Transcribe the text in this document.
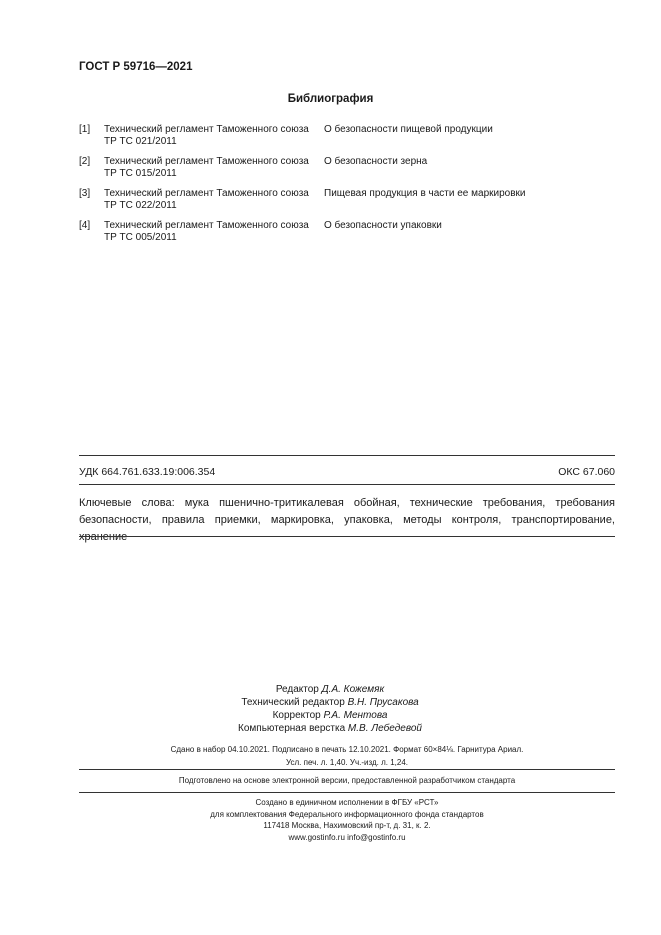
ГОСТ Р 59716—2021
Библиография
[1] Технический регламент Таможенного союза
ТР ТС 021/2011
О безопасности пищевой продукции
[2] Технический регламент Таможенного союза
ТР ТС 015/2011
О безопасности зерна
[3] Технический регламент Таможенного союза
ТР ТС 022/2011
Пищевая продукция в части ее маркировки
[4] Технический регламент Таможенного союза
ТР ТС 005/2011
О безопасности упаковки
УДК 664.761.633.19:006.354	ОКС 67.060
Ключевые слова: мука пшенично-тритикалевая обойная, технические требования, требования безопасности, правила приемки, маркировка, упаковка, методы контроля, транспортирование, хранение
Редактор Д.А. Кожемяк
Технический редактор В.Н. Прусакова
Корректор Р.А. Ментова
Компьютерная верстка М.В. Лебедевой
Сдано в набор 04.10.2021. Подписано в печать 12.10.2021. Формат 60×84⅛. Гарнитура Ариал.
Усл. печ. л. 1,40. Уч.-изд. л. 1,24.
Подготовлено на основе электронной версии, предоставленной разработчиком стандарта
Создано в единичном исполнении в ФГБУ «РСТ»
для комплектования Федерального информационного фонда стандартов
117418 Москва, Нахимовский пр-т, д. 31, к. 2.
www.gostinfo.ru info@gostinfo.ru
